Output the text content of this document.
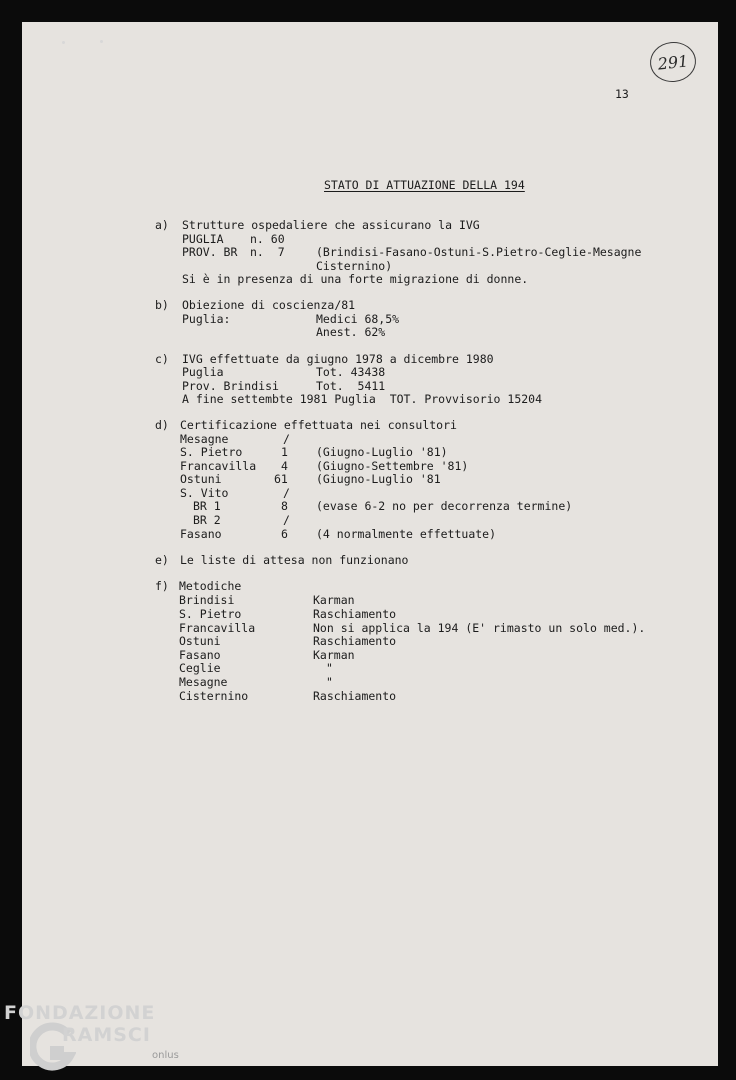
291
13
STATO DI ATTUAZIONE DELLA 194
a) Strutture ospedaliere che assicurano la IVG
PUGLIA n. 60
PROV. BR n.  7	(Brindisi-Fasano-Ostuni-S.Pietro-Ceglie-Mesagne
Cisternino)
Si è in presenza di una forte migrazione di donne.
b) Obiezione di coscienza/81
Puglia:	Medici 68,5%
Anest. 62%
c) IVG effettuate da giugno 1978 a dicembre 1980
Puglia	Tot. 43438
Prov. Brindisi	Tot.  5411
A fine settembte 1981 Puglia  TOT. Provvisorio 15204
d) Certificazione effettuata nei consultori
Mesagne	/
S. Pietro	1 (Giugno-Luglio '81)
Francavilla 4 (Giugno-Settembre '81)
Ostuni	61 (Giugno-Luglio '81
S. Vito	/
BR 1	8 (evase 6-2 no per decorrenza termine)
BR 2	/
Fasano	6 (4 normalmente effettuate)
e) Le liste di attesa non funzionano
f) Metodiche
Brindisi	Karman
S. Pietro	Raschiamento
Francavilla	Non si applica la 194 (E' rimasto un solo med.).
Ostuni	Raschiamento
Fasano	Karman
Ceglie	"
Mesagne	"
Cisternino	Raschiamento
FONDAZIONE
RAMSCI
onlus
